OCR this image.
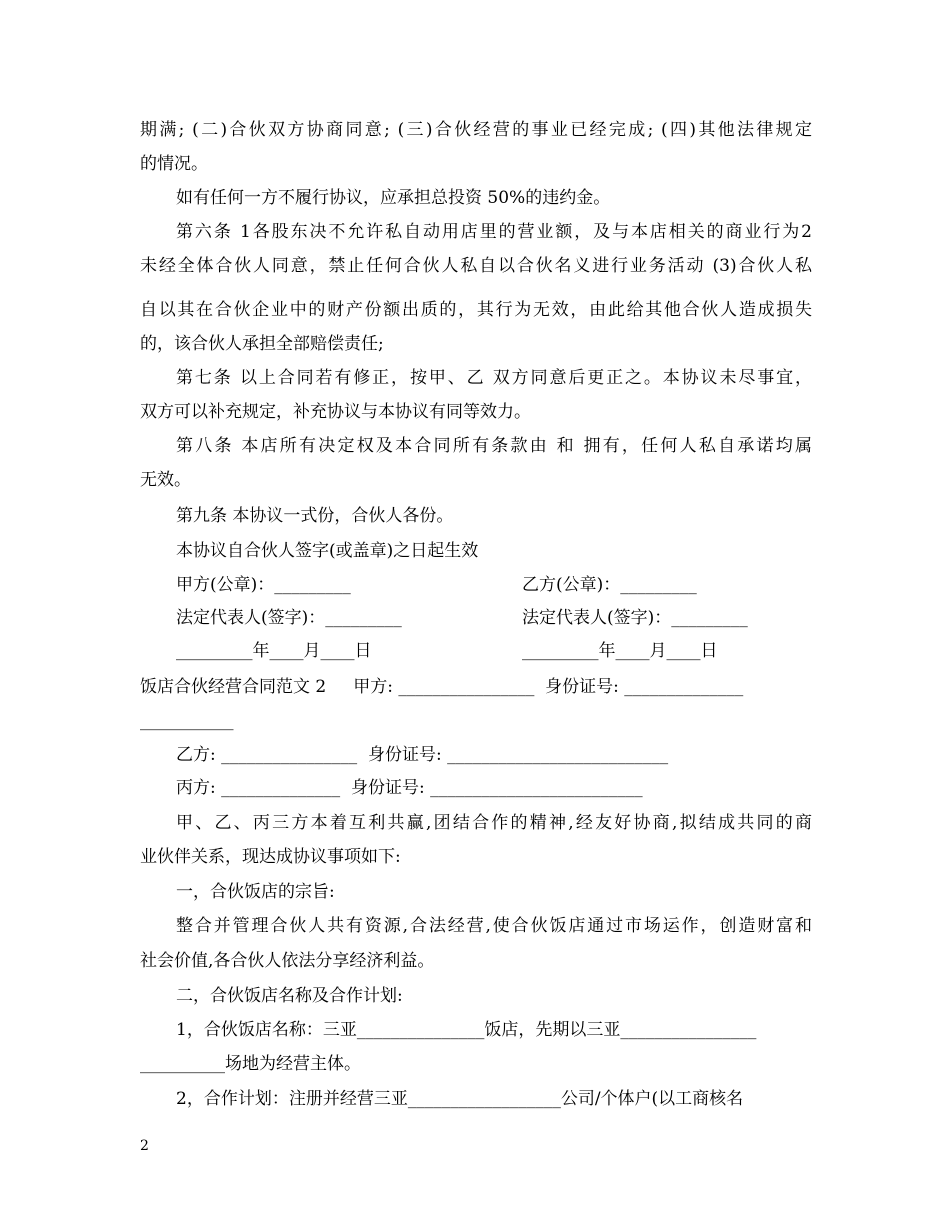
期满; (二)合伙双方协商同意; (三)合伙经营的事业已经完成; (四)其他法律规定
的情况。
如有任何一方不履行协议，应承担总投资 50%的违约金。
第六条 1各股东决不允许私自动用店里的营业额，及与本店相关的商业行为2
未经全体合伙人同意，禁止任何合伙人私自以合伙名义进行业务活动 (3)合伙人私
自以其在合伙企业中的财产份额出质的，其行为无效，由此给其他合伙人造成损失
的，该合伙人承担全部赔偿责任;
第七条 以上合同若有修正，按甲、乙 双方同意后更正之。本协议未尽事宜，
双方可以补充规定，补充协议与本协议有同等效力。
第八条 本店所有决定权及本合同所有条款由 和 拥有，任何人私自承诺均属
无效。
第九条 本协议一式份，合伙人各份。
本协议自合伙人签字(或盖章)之日起生效
甲方(公章)：_________	乙方(公章)：_________
法定代表人(签字)：_________	法定代表人(签字)：_________
_________年____月____日	_________年____月____日
饭店合伙经营合同范文 2     甲方: ________________  身份证号: ______________
___________
乙方: ________________  身份证号: __________________________
丙方: ______________  身份证号: _________________________
甲、乙、丙三方本着互利共赢,团结合作的精神,经友好协商,拟结成共同的商
业伙伴关系，现达成协议事项如下:
一，合伙饭店的宗旨:
整合并管理合伙人共有资源,合法经营,使合伙饭店通过市场运作，创造财富和
社会价值,各合伙人依法分享经济利益。
二，合伙饭店名称及合作计划:
1，合伙饭店名称：三亚_______________饭店，先期以三亚________________
__________场地为经营主体。
2，合作计划：注册并经营三亚__________________公司/个体户(以工商核名
2
